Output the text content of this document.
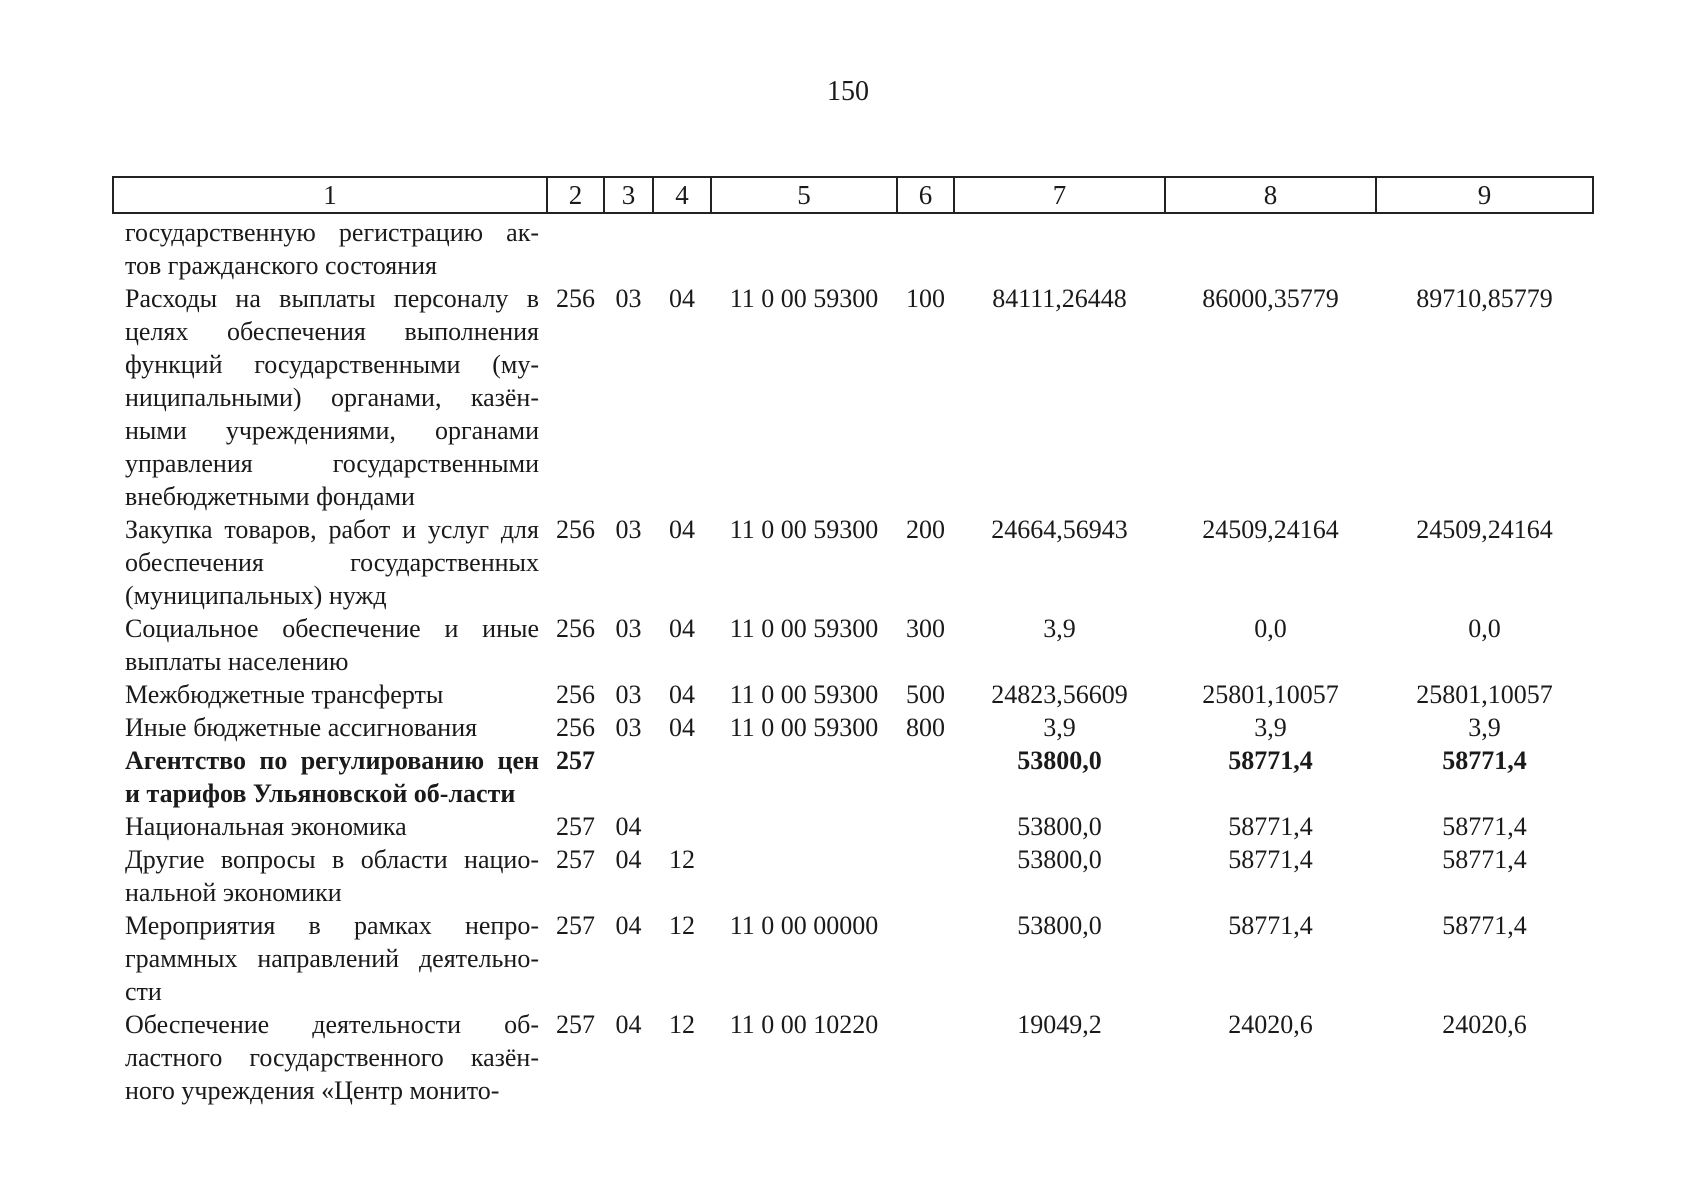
150
1	2	3	4	5	6	7	8	9
государственную регистрацию ак-тов гражданского состояния								
Расходы на выплаты персоналу в целях обеспечения выполнения функций государственными (му-ниципальными) органами, казён-ными учреждениями, органами управления государственными внебюджетными фондами	256	03	04	11 0 00 59300	100	84111,26448	86000,35779	89710,85779
Закупка товаров, работ и услуг для обеспечения государственных (муниципальных) нужд	256	03	04	11 0 00 59300	200	24664,56943	24509,24164	24509,24164
Социальное обеспечение и иные выплаты населению	256	03	04	11 0 00 59300	300	3,9	0,0	0,0
Межбюджетные трансферты	256	03	04	11 0 00 59300	500	24823,56609	25801,10057	25801,10057
Иные бюджетные ассигнования	256	03	04	11 0 00 59300	800	3,9	3,9	3,9
Агентство по регулированию цен и тарифов Ульяновской об-ласти	257					53800,0	58771,4	58771,4
Национальная экономика	257	04				53800,0	58771,4	58771,4
Другие вопросы в области нацио-нальной экономики	257	04	12			53800,0	58771,4	58771,4
Мероприятия в рамках непро-граммных направлений деятельно-сти	257	04	12	11 0 00 00000		53800,0	58771,4	58771,4
Обеспечение деятельности об-ластного государственного казён-ного учреждения «Центр монито-	257	04	12	11 0 00 10220		19049,2	24020,6	24020,6
